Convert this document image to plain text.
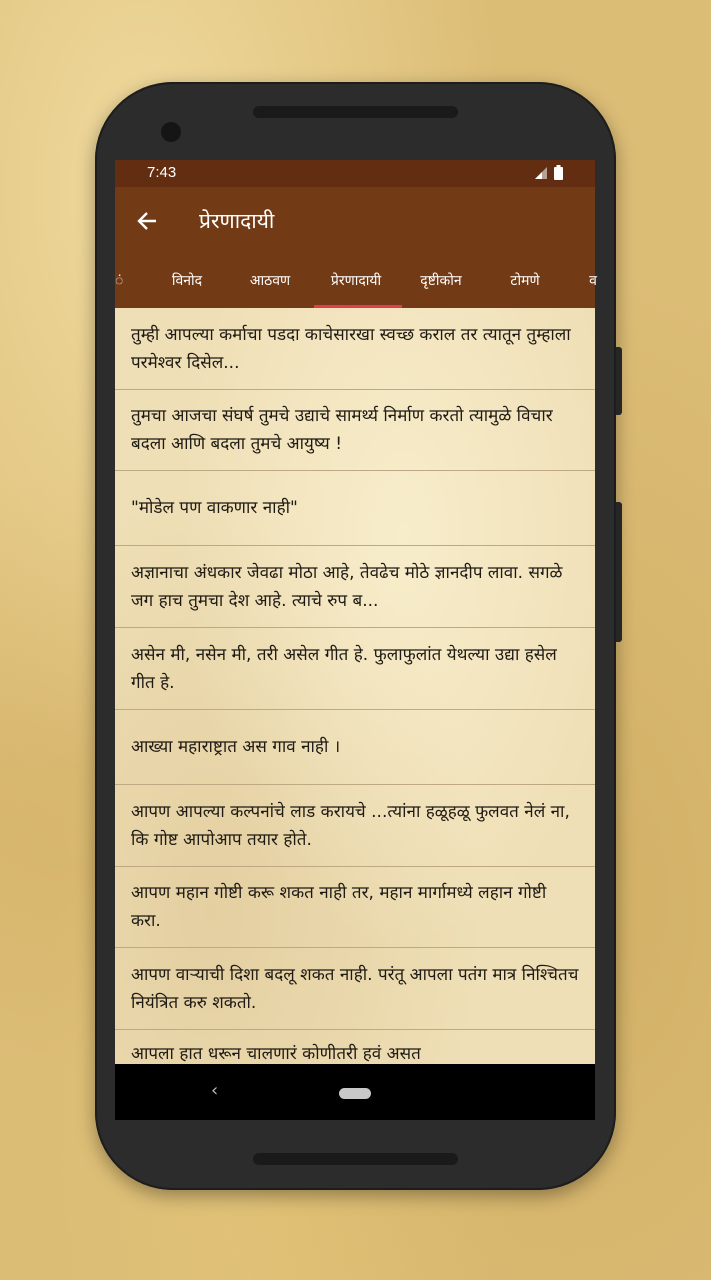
7:43
प्रेरणादायी
ं	विनोद	आठवण	प्रेरणादायी	दृष्टीकोन	टोमणे	व
तुम्ही आपल्या कर्माचा पडदा काचेसारखा स्वच्छ कराल तर त्यातून तुम्हाला परमेश्वर दिसेल...
तुमचा आजचा संघर्ष तुमचे उद्याचे सामर्थ्य निर्माण करतो त्यामुळे विचार बदला आणि बदला तुमचे आयुष्य !
"मोडेल पण वाकणार नाही"
अज्ञानाचा अंधकार जेवढा मोठा आहे, तेवढेच मोठे ज्ञानदीप लावा. सगळे जग हाच तुमचा देश आहे. त्याचे रुप ब...
असेन मी, नसेन मी, तरी असेल गीत हे. फुलाफुलांत येथल्या उद्या हसेल गीत हे.
आख्या महाराष्ट्रात अस गाव नाही ।
आपण आपल्या कल्पनांचे लाड करायचे ...त्यांना हळूहळू फुलवत नेलं ना, कि गोष्ट आपोआप तयार होते.
आपण महान गोष्टी करू शकत नाही तर, महान मार्गामध्ये लहान गोष्टी करा.
आपण वाऱ्याची दिशा बदलू शकत नाही. परंतू आपला पतंग मात्र निश्चितच नियंत्रित करु शकतो.
आपला हात धरून चालणारं कोणीतरी हवं असत
‹
